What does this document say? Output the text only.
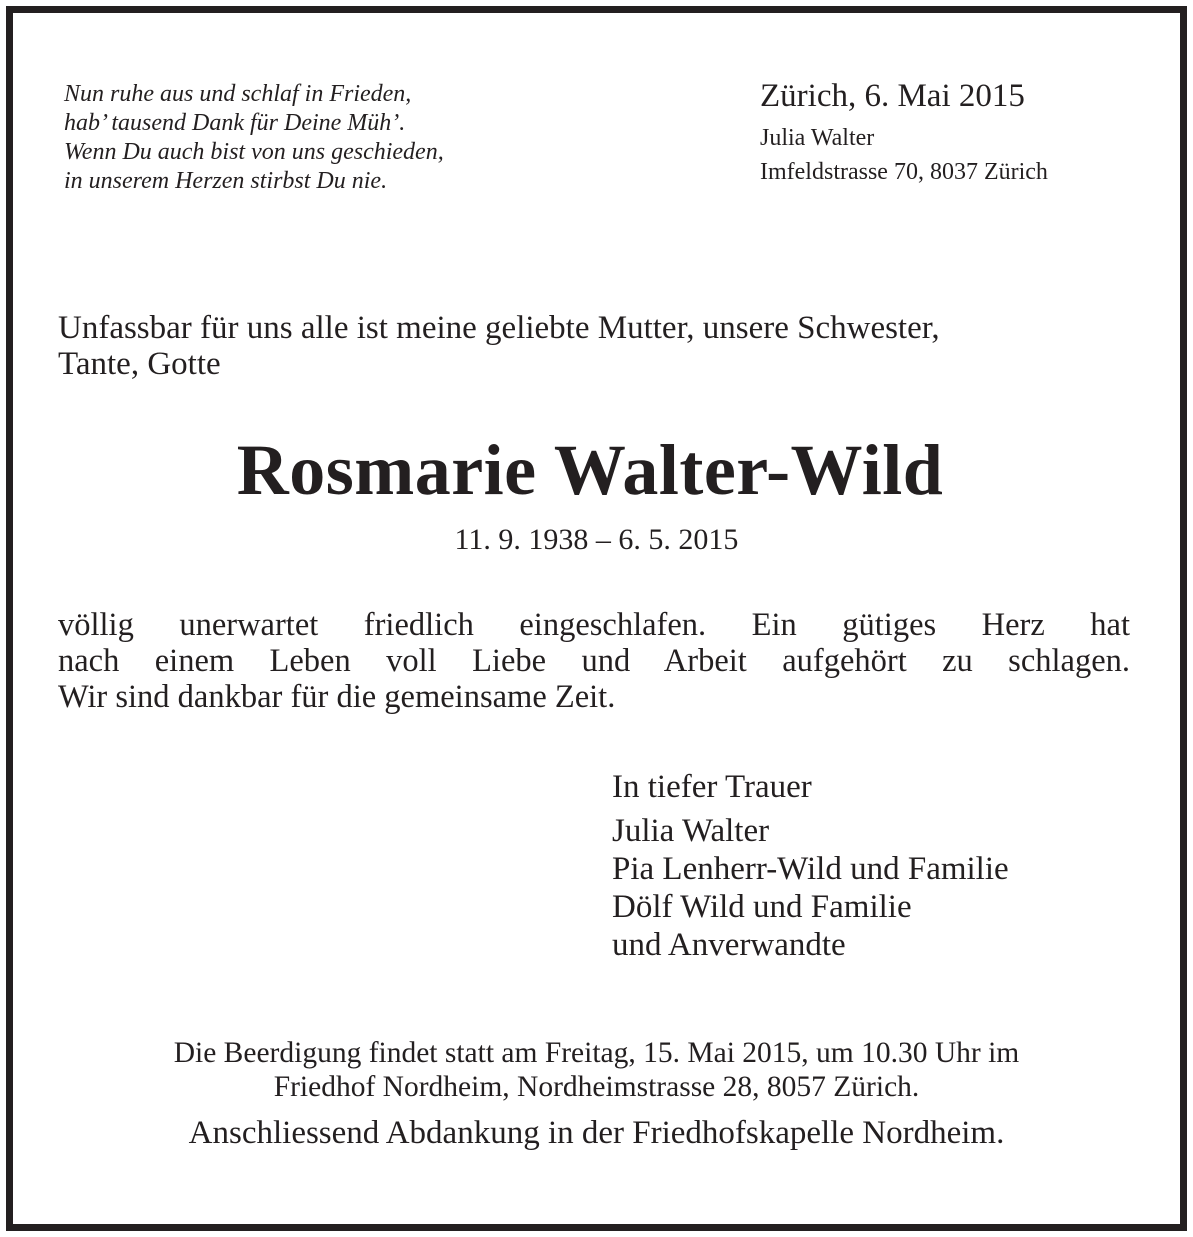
Nun ruhe aus und schlaf in Frieden,
hab’ tausend Dank für Deine Müh’.
Wenn Du auch bist von uns geschieden,
in unserem Herzen stirbst Du nie.
Zürich, 6. Mai 2015
Julia Walter
Imfeldstrasse 70, 8037 Zürich
Unfassbar für uns alle ist meine geliebte Mutter, unsere Schwester,
Tante, Gotte
Rosmarie Walter-Wild
11. 9. 1938 – 6. 5. 2015
völlig unerwartet friedlich eingeschlafen. Ein gütiges Herz hat
nach einem Leben voll Liebe und Arbeit aufgehört zu schlagen.
Wir sind dankbar für die gemeinsame Zeit.
In tiefer Trauer
Julia Walter
Pia Lenherr-Wild und Familie
Dölf Wild und Familie
und Anverwandte
Die Beerdigung findet statt am Freitag, 15. Mai 2015, um 10.30 Uhr im
Friedhof Nordheim, Nordheimstrasse 28, 8057 Zürich.
Anschliessend Abdankung in der Friedhofskapelle Nordheim.
